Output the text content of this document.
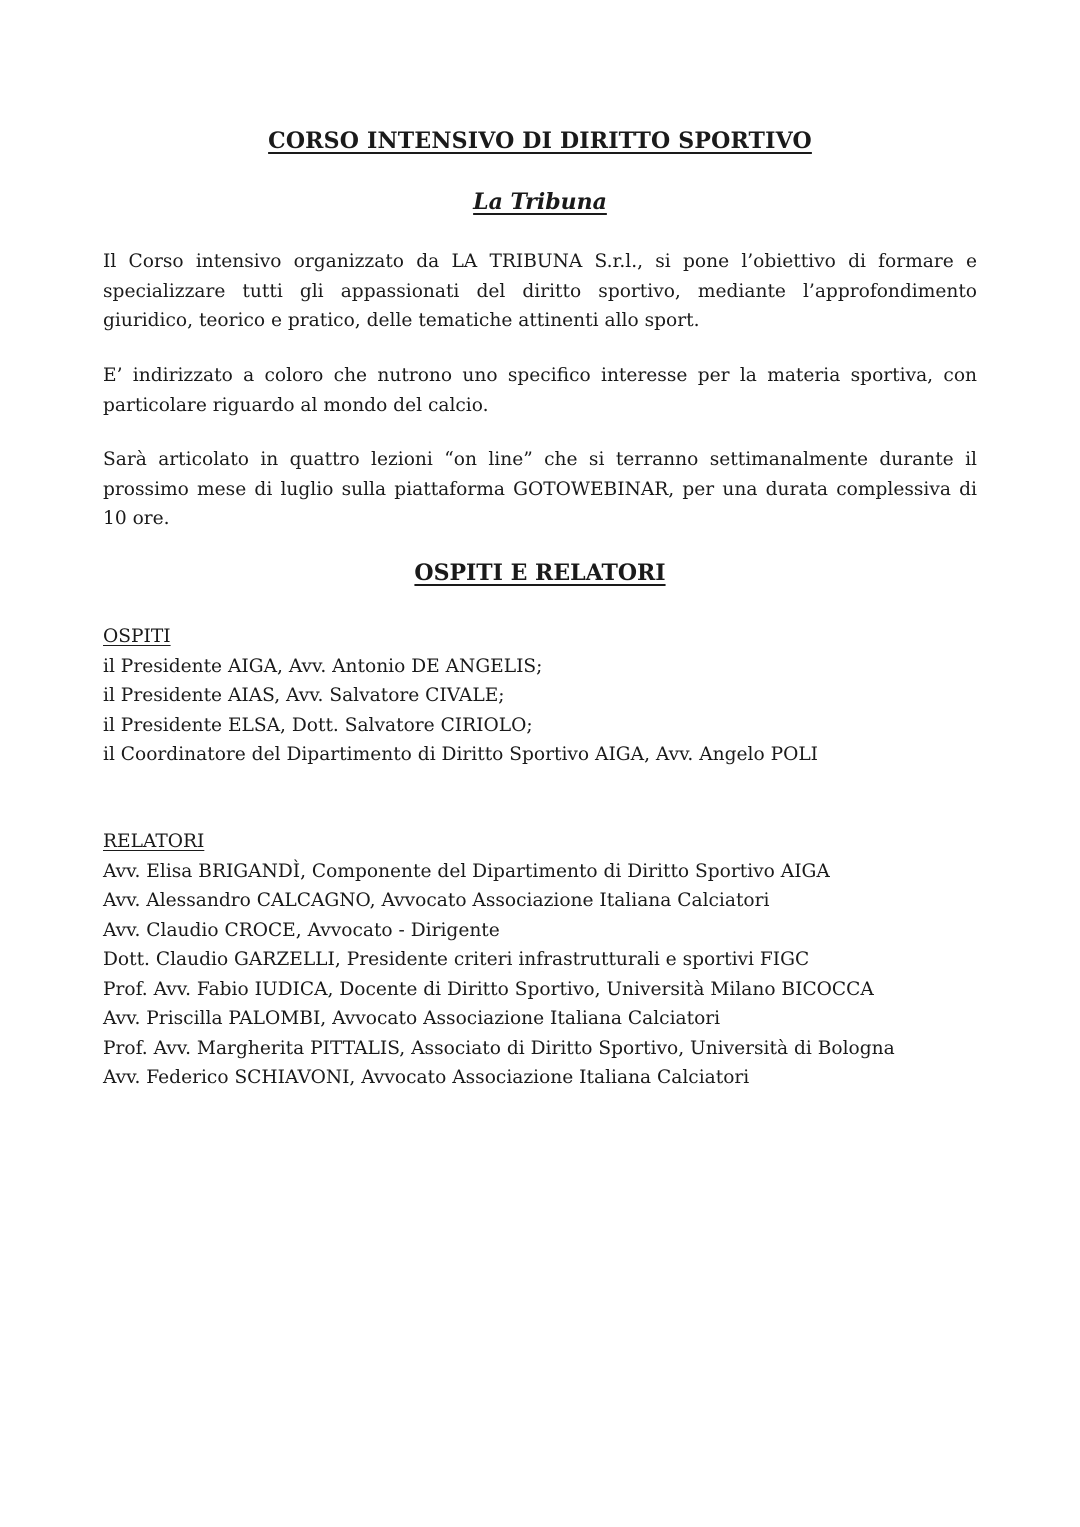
CORSO INTENSIVO DI DIRITTO SPORTIVO
La Tribuna

Il Corso intensivo organizzato da LA TRIBUNA S.r.l., si pone l’obiettivo di formare e specializzare tutti gli appassionati del diritto sportivo, mediante l’approfondimento giuridico, teorico e pratico, delle tematiche attinenti allo sport.

E’ indirizzato a coloro che nutrono uno specifico interesse per la materia sportiva, con particolare riguardo al mondo del calcio.

Sarà articolato in quattro lezioni “on line” che si terranno settimanalmente durante il prossimo mese di luglio sulla piattaforma GOTOWEBINAR, per una durata complessiva di 10 ore.

OSPITI E RELATORI
OSPITI
il Presidente AIGA, Avv. Antonio DE ANGELIS;
il Presidente AIAS, Avv. Salvatore CIVALE;
il Presidente ELSA, Dott. Salvatore CIRIOLO;
il Coordinatore del Dipartimento di Diritto Sportivo AIGA, Avv. Angelo POLI
RELATORI
Avv. Elisa BRIGANDÌ, Componente del Dipartimento di Diritto Sportivo AIGA
Avv. Alessandro CALCAGNO, Avvocato Associazione Italiana Calciatori
Avv. Claudio CROCE, Avvocato - Dirigente
Dott. Claudio GARZELLI, Presidente criteri infrastrutturali e sportivi FIGC
Prof. Avv. Fabio IUDICA, Docente di Diritto Sportivo, Università Milano BICOCCA
Avv. Priscilla PALOMBI, Avvocato Associazione Italiana Calciatori
Prof. Avv. Margherita PITTALIS, Associato di Diritto Sportivo, Università di Bologna
Avv. Federico SCHIAVONI, Avvocato Associazione Italiana Calciatori
